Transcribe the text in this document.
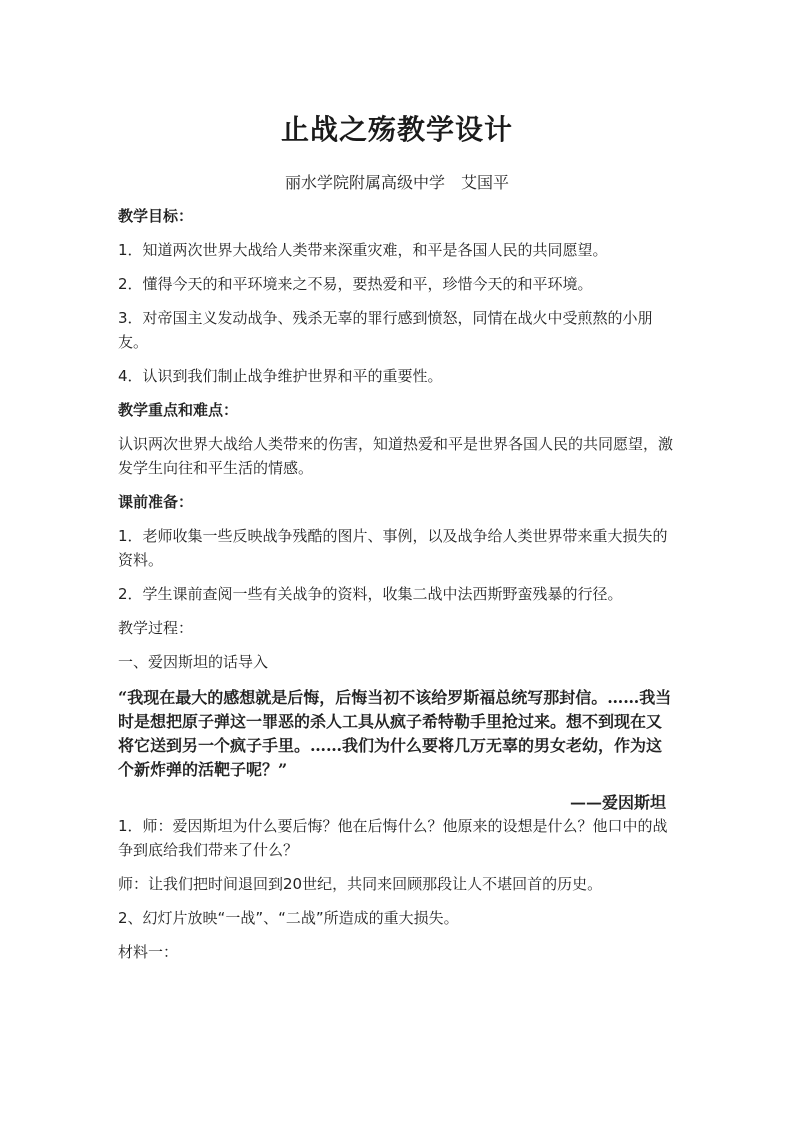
止战之殇教学设计
丽水学院附属高级中学　艾国平
教学目标：
1．知道两次世界大战给人类带来深重灾难，和平是各国人民的共同愿望。
2．懂得今天的和平环境来之不易，要热爱和平，珍惜今天的和平环境。
3．对帝国主义发动战争、残杀无辜的罪行感到愤怒，同情在战火中受煎熬的小朋友。
4．认识到我们制止战争维护世界和平的重要性。
教学重点和难点：
认识两次世界大战给人类带来的伤害，知道热爱和平是世界各国人民的共同愿望，激发学生向往和平生活的情感。
课前准备：
1．老师收集一些反映战争残酷的图片、事例，以及战争给人类世界带来重大损失的资料。
2．学生课前查阅一些有关战争的资料，收集二战中法西斯野蛮残暴的行径。
教学过程：
一、爱因斯坦的话导入
“我现在最大的感想就是后悔，后悔当初不该给罗斯福总统写那封信。……我当时是想把原子弹这一罪恶的杀人工具从疯子希特勒手里抢过来。想不到现在又将它送到另一个疯子手里。……我们为什么要将几万无辜的男女老幼，作为这个新炸弹的活靶子呢？”
——爱因斯坦
1．师：爱因斯坦为什么要后悔？他在后悔什么？他原来的设想是什么？他口中的战争到底给我们带来了什么？
师：让我们把时间退回到20世纪，共同来回顾那段让人不堪回首的历史。
2、幻灯片放映“一战”、“二战”所造成的重大损失。
材料一：
